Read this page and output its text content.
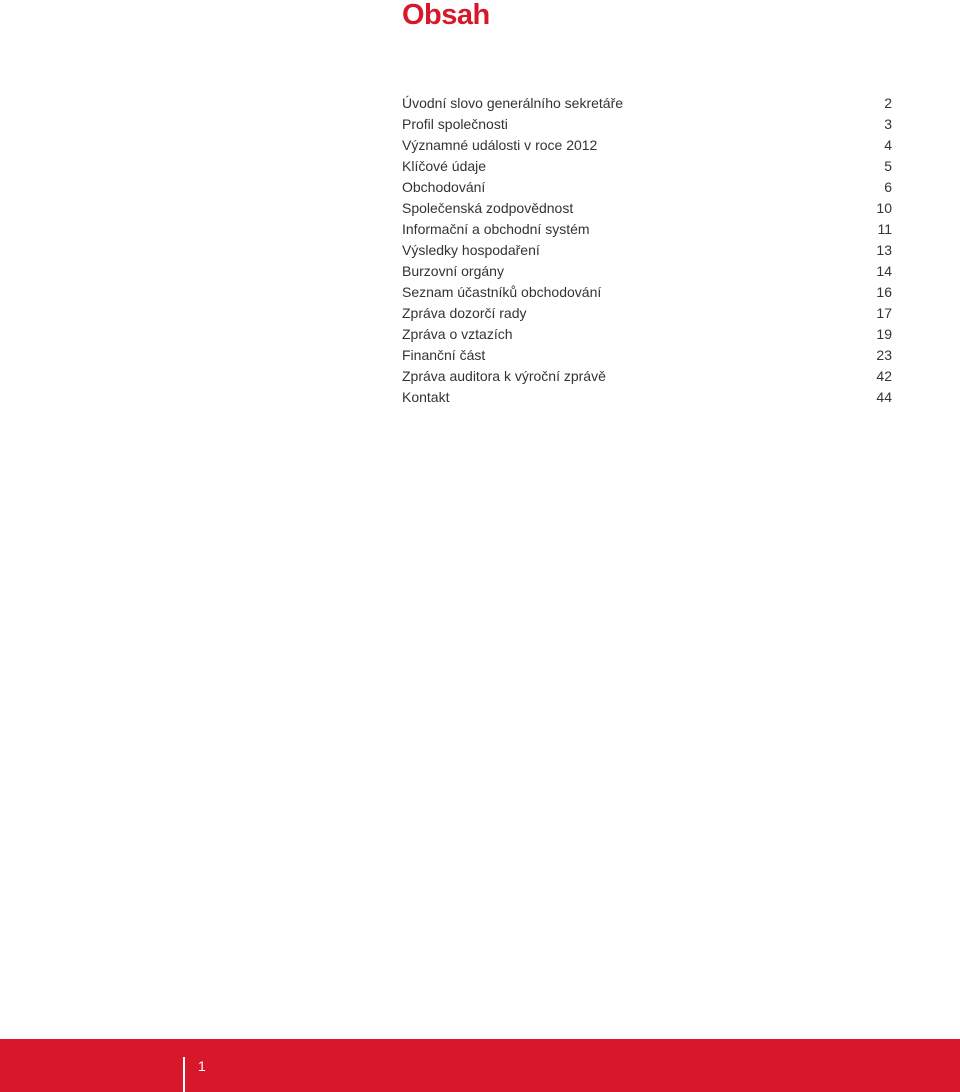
Obsah
Úvodní slovo generálního sekretáře	2
Profil společnosti	3
Významné události v roce 2012	4
Klíčové údaje	5
Obchodování	6
Společenská zodpovědnost	10
Informační a obchodní systém	11
Výsledky hospodaření	13
Burzovní orgány	14
Seznam účastníků obchodování	16
Zpráva dozorčí rady	17
Zpráva o vztazích	19
Finanční část	23
Zpráva auditora k výroční zprávě	42
Kontakt	44
1
